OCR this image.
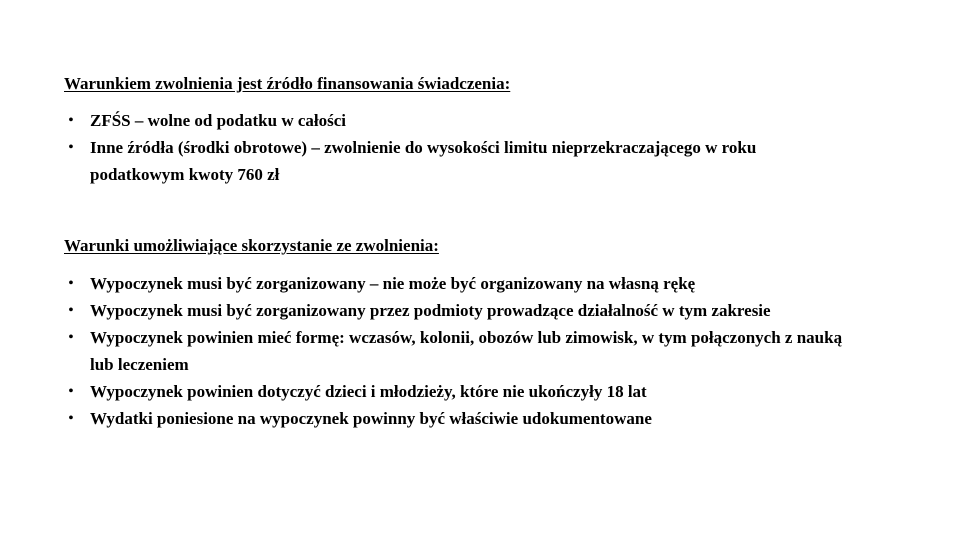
Warunkiem zwolnienia jest źródło finansowania świadczenia:
• ZFŚS – wolne od podatku w całości
• Inne źródła (środki obrotowe) – zwolnienie do wysokości limitu nieprzekraczającego w roku podatkowym kwoty 760 zł
Warunki umożliwiające skorzystanie ze zwolnienia:
• Wypoczynek musi być zorganizowany – nie może być organizowany na własną rękę
• Wypoczynek musi być zorganizowany przez podmioty prowadzące działalność w tym zakresie
• Wypoczynek powinien mieć formę: wczasów, kolonii, obozów lub zimowisk, w tym połączonych z nauką lub leczeniem
• Wypoczynek powinien dotyczyć dzieci i młodzieży, które nie ukończyły 18 lat
• Wydatki poniesione na wypoczynek powinny być właściwie udokumentowane
